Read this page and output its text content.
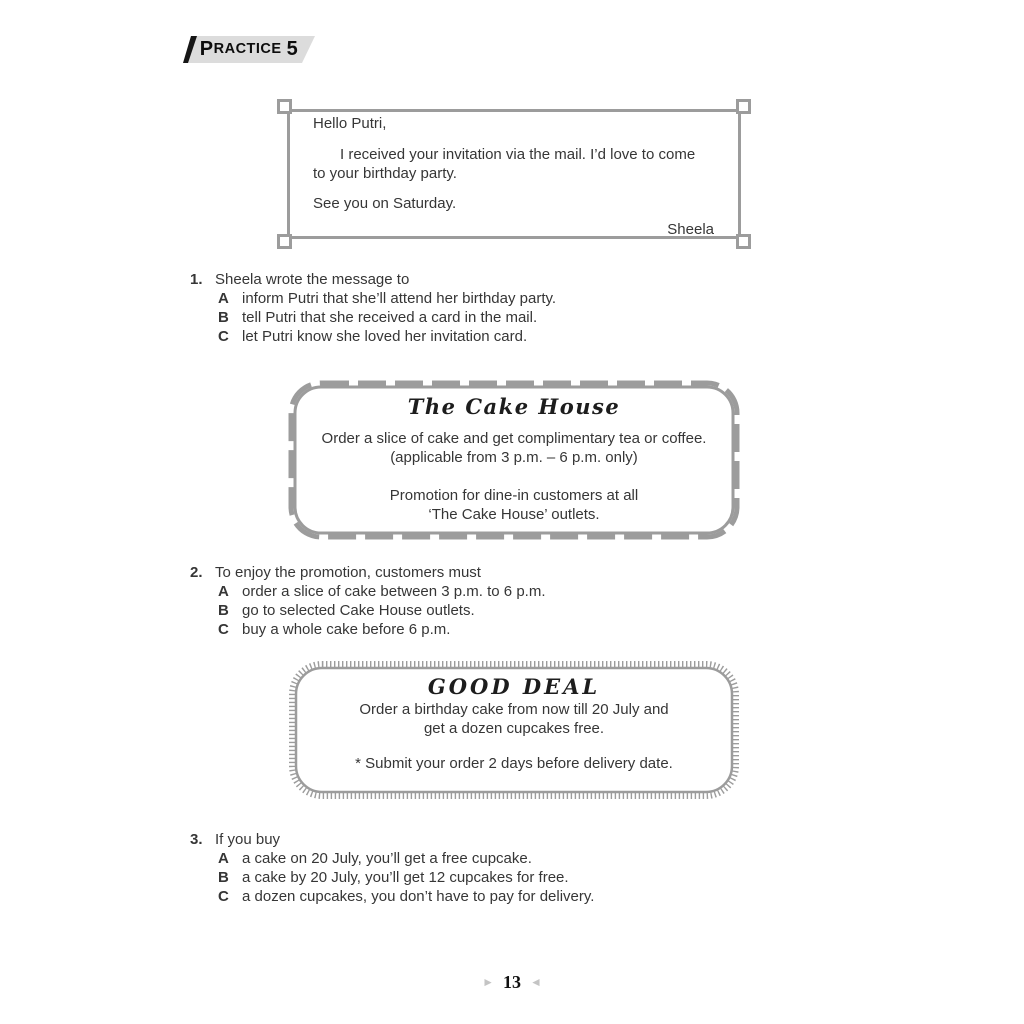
P RACTICE 5
Hello Putri,
I received your invitation via the mail. I’d love to come
to your birthday party.
See you on Saturday.
Sheela
1. Sheela wrote the message to
A inform Putri that she’ll attend her birthday party.
B tell Putri that she received a card in the mail.
C let Putri know she loved her invitation card.
The Cake House
Order a slice of cake and get complimentary tea or coffee.
(applicable from 3 p.m. – 6 p.m. only)
Promotion for dine-in customers at all
‘The Cake House’ outlets.
2. To enjoy the promotion, customers must
A order a slice of cake between 3 p.m. to 6 p.m.
B go to selected Cake House outlets.
C buy a whole cake before 6 p.m.
GOOD DEAL
Order a birthday cake from now till 20 July and
get a dozen cupcakes free.
* Submit your order 2 days before delivery date.
3. If you buy
A a cake on 20 July, you’ll get a free cupcake.
B a cake by 20 July, you’ll get 12 cupcakes for free.
C a dozen cupcakes, you don’t have to pay for delivery.
► 13 ◄
